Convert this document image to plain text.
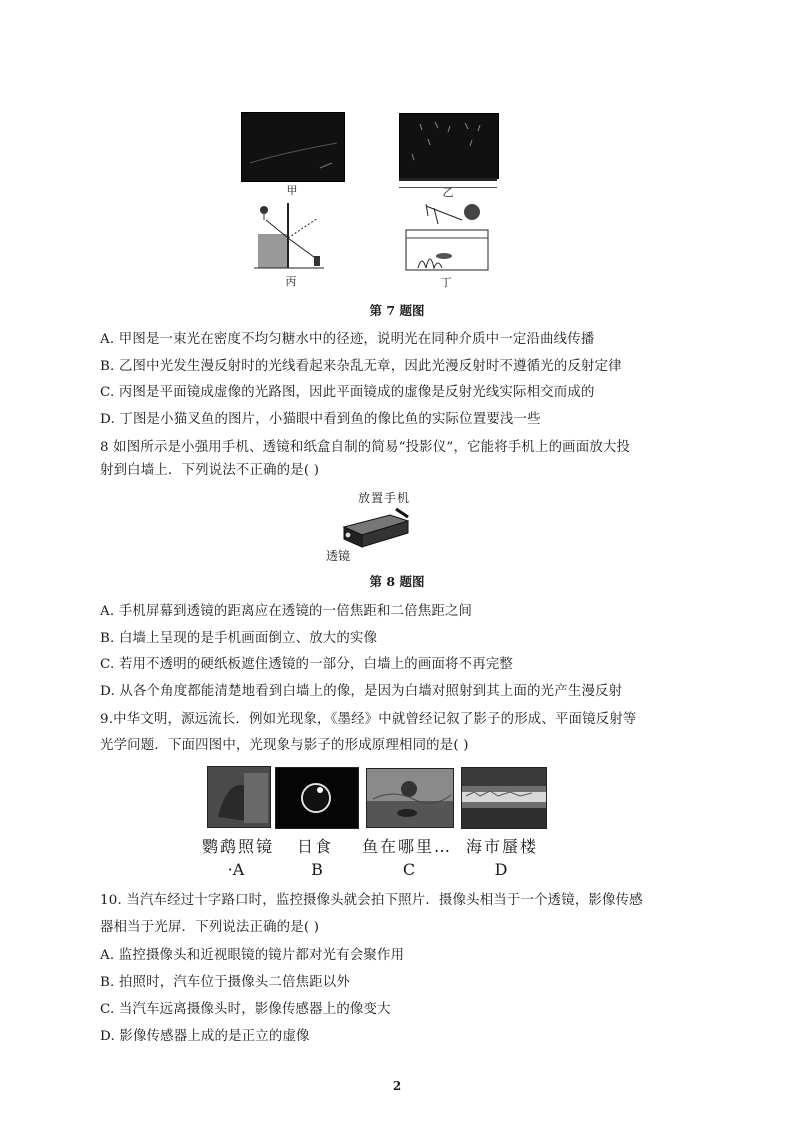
甲	乙
丙	丁
第 7 题图
A. 甲图是一束光在密度不均匀糖水中的径迹，说明光在同种介质中一定沿曲线传播
B. 乙图中光发生漫反射时的光线看起来杂乱无章，因此光漫反射时不遵循光的反射定律
C. 丙图是平面镜成虚像的光路图，因此平面镜成的虚像是反射光线实际相交而成的
D. 丁图是小猫叉鱼的图片，小猫眼中看到鱼的像比鱼的实际位置要浅一些
8 如图所示是小强用手机、透镜和纸盒自制的简易“投影仪”，它能将手机上的画面放大投
射到白墙上．下列说法不正确的是( )
放置手机
透镜
第 8 题图
A. 手机屏幕到透镜的距离应在透镜的一倍焦距和二倍焦距之间
B. 白墙上呈现的是手机画面倒立、放大的实像
C. 若用不透明的硬纸板遮住透镜的一部分，白墙上的画面将不再完整
D. 从各个角度都能清楚地看到白墙上的像，是因为白墙对照射到其上面的光产生漫反射
9.中华文明，源远流长．例如光现象，《墨经》中就曾经记叙了影子的形成、平面镜反射等
光学问题．下面四图中，光现象与影子的形成原理相同的是( )
鹦鹉照镜	日食	鱼在哪里… 海市蜃楼
·A	B	C	D
10. 当汽车经过十字路口时，监控摄像头就会拍下照片．摄像头相当于一个透镜，影像传感
器相当于光屏．下列说法正确的是( )
A. 监控摄像头和近视眼镜的镜片都对光有会聚作用
B. 拍照时，汽车位于摄像头二倍焦距以外
C. 当汽车远离摄像头时，影像传感器上的像变大
D. 影像传感器上成的是正立的虚像
2
